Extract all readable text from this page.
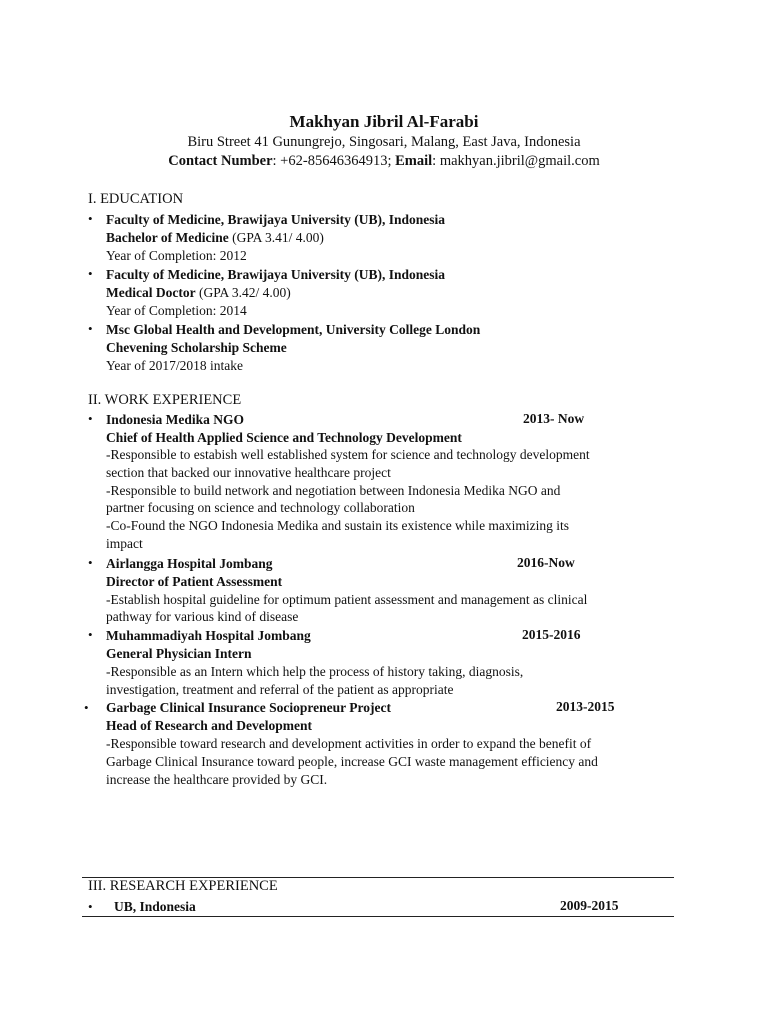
Makhyan Jibril Al-Farabi
Biru Street 41 Gunungrejo, Singosari, Malang, East Java, Indonesia
Contact Number: +62-85646364913; Email: makhyan.jibril@gmail.com
I. EDUCATION
• Faculty of Medicine, Brawijaya University (UB), Indonesia
Bachelor of Medicine (GPA 3.41/ 4.00)
Year of Completion: 2012
• Faculty of Medicine, Brawijaya University (UB), Indonesia
Medical Doctor (GPA 3.42/ 4.00)
Year of Completion: 2014
• Msc Global Health and Development, University College London
Chevening Scholarship Scheme
Year of 2017/2018 intake
II. WORK EXPERIENCE
• Indonesia Medika NGO	2013- Now
Chief of Health Applied Science and Technology Development
-Responsible to estabish well established system for science and technology development
section that backed our innovative healthcare project
-Responsible to build network and negotiation between Indonesia Medika NGO and
partner focusing on science and technology collaboration
-Co-Found the NGO Indonesia Medika and sustain its existence while maximizing its
impact
• Airlangga Hospital Jombang	2016-Now
Director of Patient Assessment
-Establish hospital guideline for optimum patient assessment and management as clinical
pathway for various kind of disease
• Muhammadiyah Hospital Jombang	2015-2016
General Physician Intern
-Responsible as an Intern which help the process of history taking, diagnosis,
investigation, treatment and referral of the patient as appropriate
• Garbage Clinical Insurance Sociopreneur Project	2013-2015
Head of Research and Development
-Responsible toward research and development activities in order to expand the benefit of
Garbage Clinical Insurance toward people, increase GCI waste management efficiency and
increase the healthcare provided by GCI.
III. RESEARCH EXPERIENCE
• UB, Indonesia	2009-2015
